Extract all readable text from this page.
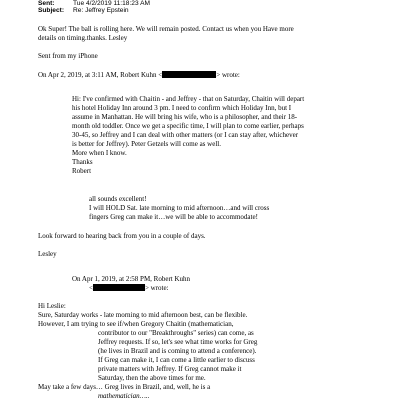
Sent:	Tue 4/2/2019 11:18:23 AM
Subject: Re: Jeffrey Epstein
Ok Super! The ball is rolling here. We will remain posted. Contact us when you Have more
details on timing.thanks. Lesley
Sent from my iPhone
On Apr 2, 2019, at 3:11 AM, Robert Kuhn <	> wrote:
Hi: I've confirmed with Chaitin - and Jeffrey - that on Saturday, Chaitin will depart
his hotel Holiday Inn around 3 pm. I need to confirm which Holiday Inn, but I
assume in Manhattan. He will bring his wife, who is a philosopher, and their 18-
month old toddler. Once we get a specific time, I will plan to come earlier, perhaps
30-45, so Jeffrey and I can deal with other matters (or I can stay after, whichever
is better for Jeffrey). Peter Getzels will come as well.
More when I know.
Thanks
Robert
all sounds excellent!
I will HOLD Sat. late morning to mid afternoon…and will cross
fingers Greg can make it…we will be able to accommodate!
Look forward to hearing back from you in a couple of days.
Lesley
On Apr 1, 2019, at 2:58 PM, Robert Kuhn
<	> wrote:
Hi Leslie:
Sure, Saturday works - late morning to mid afternoon best, can be flexible.
However, I am trying to see if/when Gregory Chaitin (mathematician,
contributor to our "Breakthroughs" series) can come, as
Jeffrey requests. If so, let's see what time works for Greg
(he lives in Brazil and is coming to attend a conference).
If Greg can make it, I can come a little earlier to discuss
private matters with Jeffrey. If Greg cannot make it
Saturday, then the above times for me.
May take a few days… Greg lives in Brazil, and, well, he is a
mathematician…..
